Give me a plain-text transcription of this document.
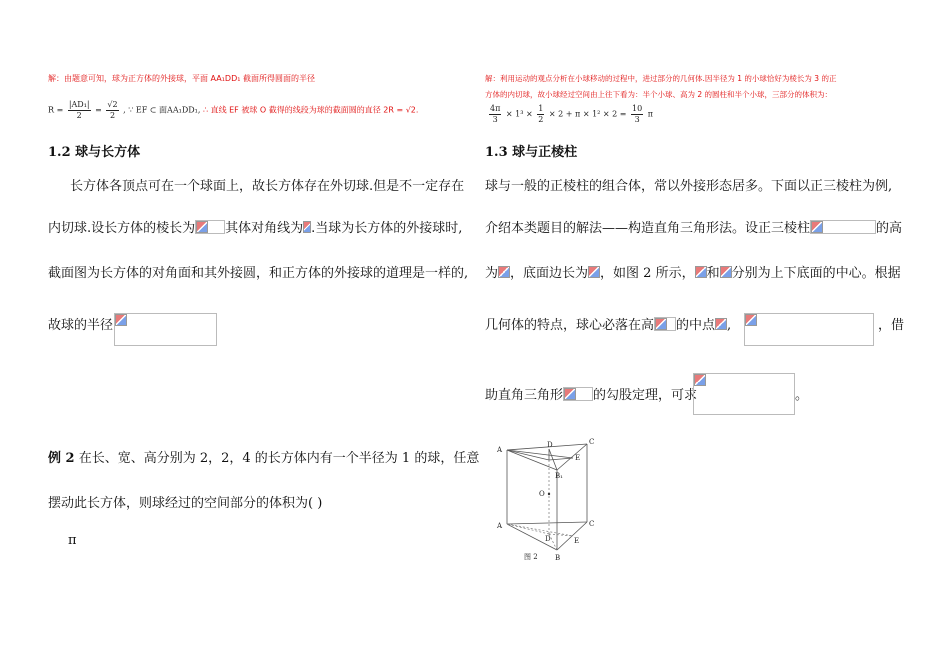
解：由题意可知，球为正方体的外接球，平面 AA₁DD₁ 截面所得圆面的半径
$R = \frac{\text{|AD₁|}}{2} = \frac{√2}{2}$ , ∵ EF ⊂ 面AA₁DD₁, ∴ 直线 EF 被球 O 截得的线段为球的截面圆的直径 2R = √2.
1.2 球与长方体
长方体各顶点可在一个球面上，故长方体存在外切球.但是不一定存在
内切球.设长方体的棱长为 其体对角线为 .当球为长方体的外接球时,
截面图为长方体的对角面和其外接圆，和正方体的外接球的道理是一样的,
故球的半径
例 2 在长、宽、高分别为 2，2，4 的长方体内有一个半径为 1 的球，任意
摆动此长方体，则球经过的空间部分的体积为( )
π
解：利用运动的观点分析在小球移动的过程中，进过部分的几何体.因半径为 1 的小球恰好为棱长为 3 的正
方体的内切球，故小球经过空间由上往下看为：半个小球、高为 2 的圆柱和半个小球，三部分的体积为：
$\frac{4\pi}{3} \times 1^3 \times \frac{1}{2} \times 2 + \pi \times 1^2 \times 2 = \frac{10}{3}$ π
1.3 球与正棱柱
球与一般的正棱柱的组合体，常以外接形态居多。下面以正三棱柱为例,
介绍本类题目的解法——构造直角三角形法。设正三棱柱	的高
为 ，底面边长为 ，如图 2 所示， 和 分别为上下底面的中心。根据
几何体的特点，球心必落在高 的中点 ,	，借
助直角三角形 的勾股定理，可求	。
A
D	C
E
B₁
O
A
D
C
E
B
图 2
